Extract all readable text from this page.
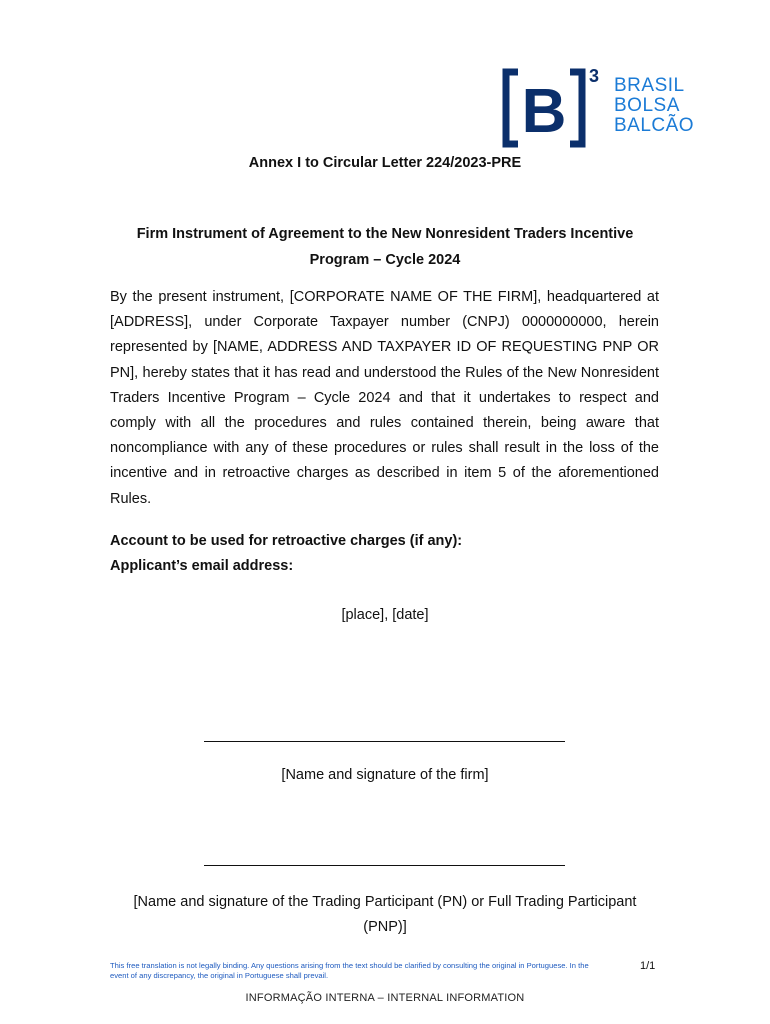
B
3 BRASIL
BOLSA
BALCÃO
Annex I to Circular Letter 224/2023-PRE
Firm Instrument of Agreement to the New Nonresident Traders Incentive Program – Cycle 2024
By the present instrument, [CORPORATE NAME OF THE FIRM], headquartered at [ADDRESS], under Corporate Taxpayer number (CNPJ) 0000000000, herein represented by [NAME, ADDRESS AND TAXPAYER ID OF REQUESTING PNP OR PN], hereby states that it has read and understood the Rules of the New Nonresident Traders Incentive Program – Cycle 2024 and that it undertakes to respect and comply with all the procedures and rules contained therein, being aware that noncompliance with any of these procedures or rules shall result in the loss of the incentive and in retroactive charges as described in item 5 of the aforementioned Rules.
Account to be used for retroactive charges (if any):
Applicant’s email address:
[place], [date]
[Name and signature of the firm]
[Name and signature of the Trading Participant (PN) or Full Trading Participant (PNP)]
This free translation is not legally binding. Any questions arising from the text should be clarified by consulting the original in Portuguese. In the event of any discrepancy, the original in Portuguese shall prevail.
1/1
INFORMAÇÃO INTERNA – INTERNAL INFORMATION
